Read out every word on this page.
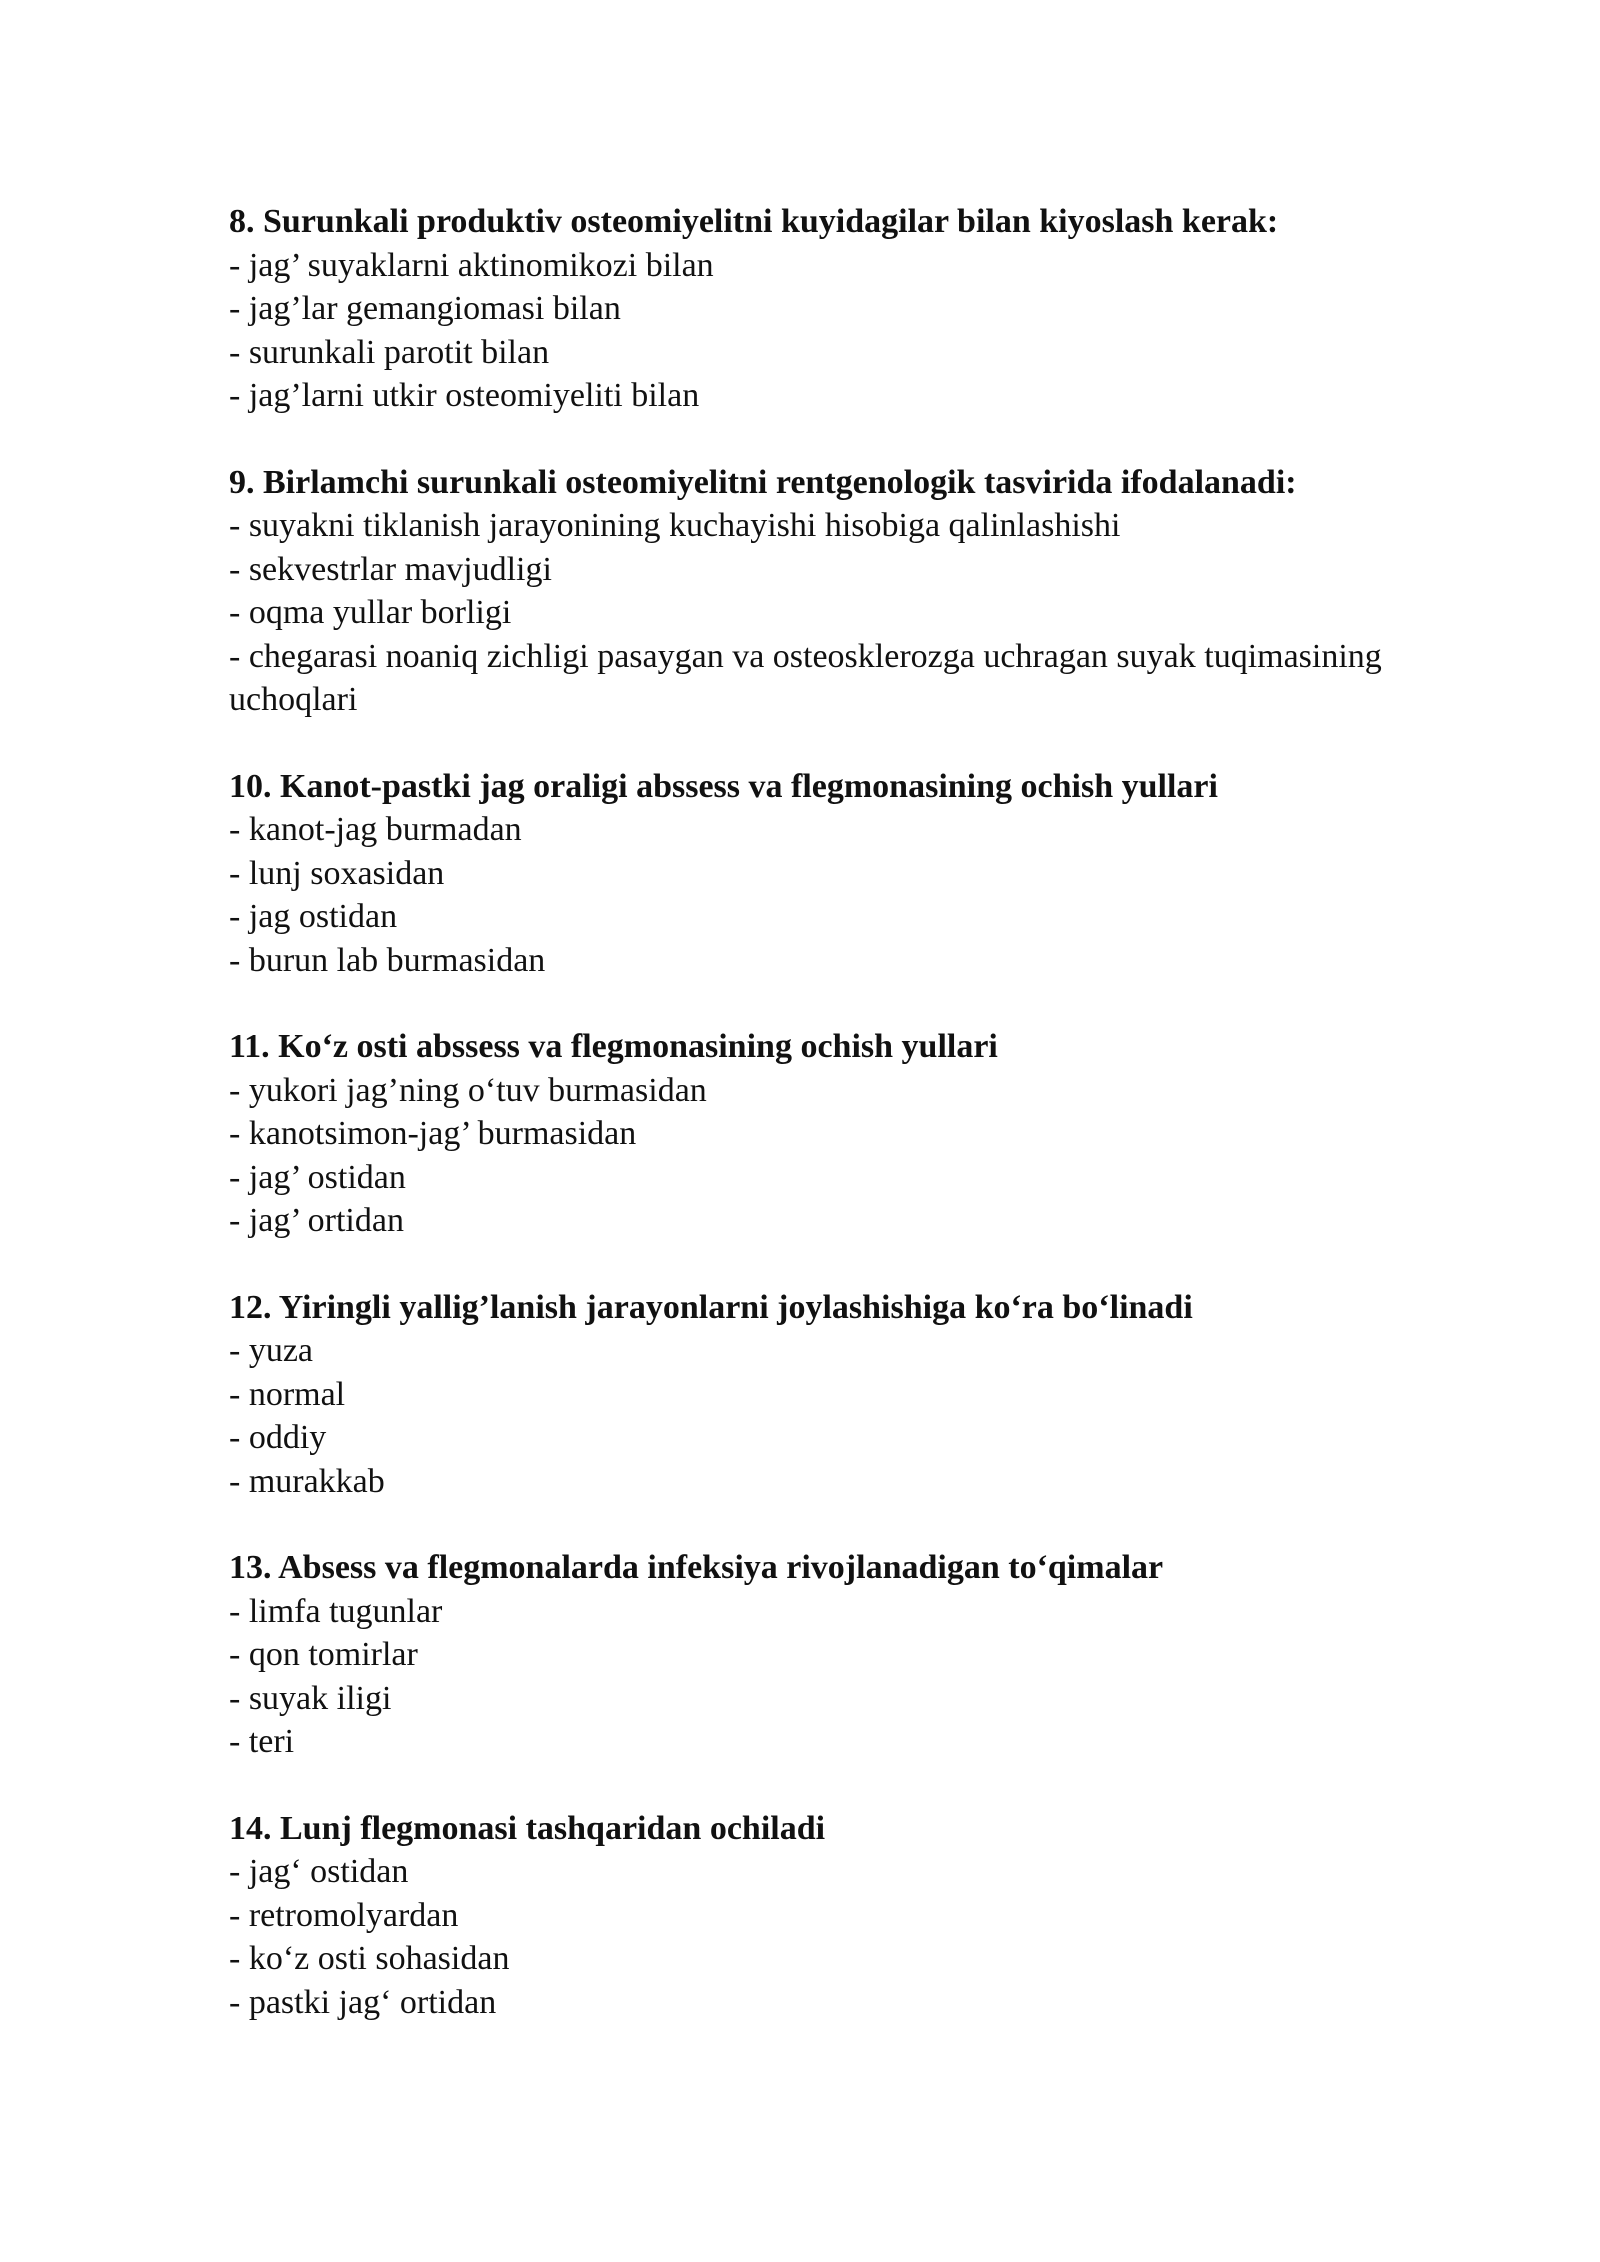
8. Surunkali produktiv osteomiyelitni kuyidagilar bilan kiyoslash kerak:

- jag’ suyaklarni aktinomikozi bilan

- jag’lar gemangiomasi bilan

- surunkali parotit bilan

- jag’larni utkir osteomiyeliti bilan

9. Birlamchi surunkali osteomiyelitni rentgenologik tasvirida ifodalanadi:

- suyakni tiklanish jarayonining kuchayishi hisobiga qalinlashishi

- sekvestrlar mavjudligi

- oqma yullar borligi

- chegarasi noaniq zichligi pasaygan va osteosklerozga uchragan suyak tuqimasining uchoqlari

10. Kanot-pastki jag oraligi abssess va flegmonasining ochish yullari

- kanot-jag burmadan

- lunj soxasidan

- jag ostidan

- burun lab burmasidan

11. Ko‘z osti abssess va flegmonasining ochish yullari

- yukori jag’ning o‘tuv burmasidan

- kanotsimon-jag’ burmasidan

- jag’ ostidan

- jag’ ortidan

12. Yiringli yallig’lanish jarayonlarni joylashishiga ko‘ra bo‘linadi

- yuza

- normal

- oddiy

- murakkab

13. Absess va flegmonalarda infeksiya rivojlanadigan to‘qimalar

- limfa tugunlar

- qon tomirlar

- suyak iligi

- teri

14. Lunj flegmonasi tashqaridan ochiladi

- jag‘ ostidan

- retromolyardan

- ko‘z osti sohasidan

- pastki jag‘ ortidan
